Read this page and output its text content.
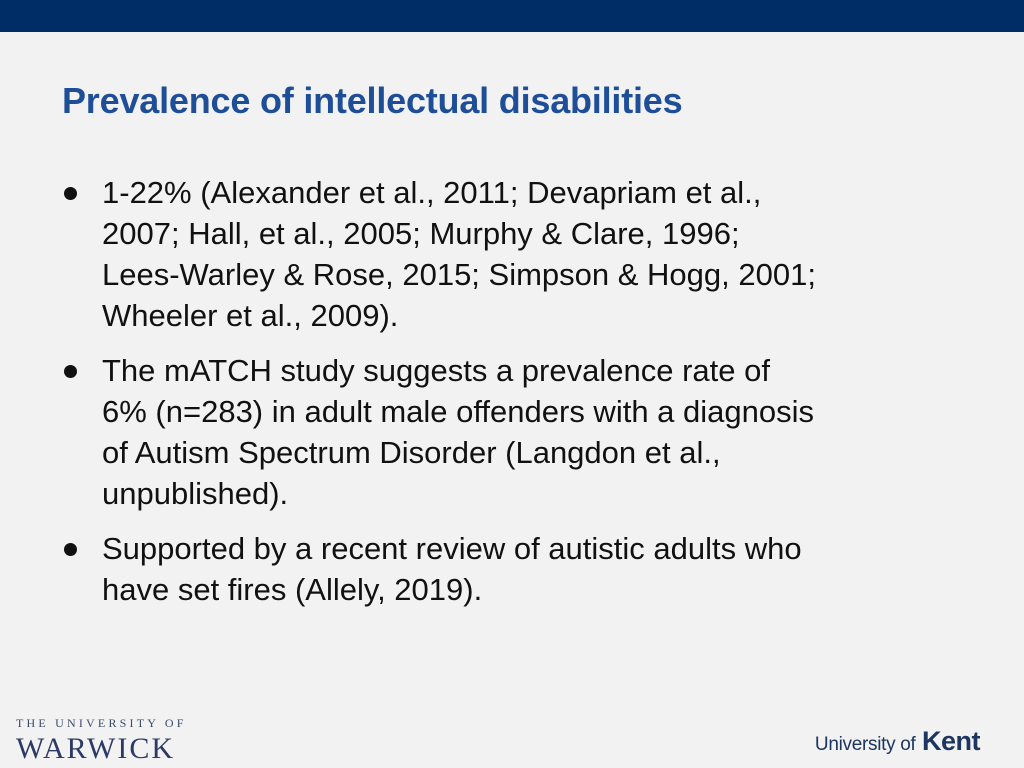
Prevalence of intellectual disabilities
1-22% (Alexander et al., 2011; Devapriam et al.,
2007; Hall, et al., 2005; Murphy & Clare, 1996;
Lees-Warley & Rose, 2015; Simpson & Hogg, 2001;
Wheeler et al., 2009).
The mATCH study suggests a prevalence rate of
6% (n=283) in adult male offenders with a diagnosis
of Autism Spectrum Disorder (Langdon et al.,
unpublished).
Supported by a recent review of autistic adults who
have set fires (Allely, 2019).
THE UNIVERSITY OF
WARWICK	University of Kent
